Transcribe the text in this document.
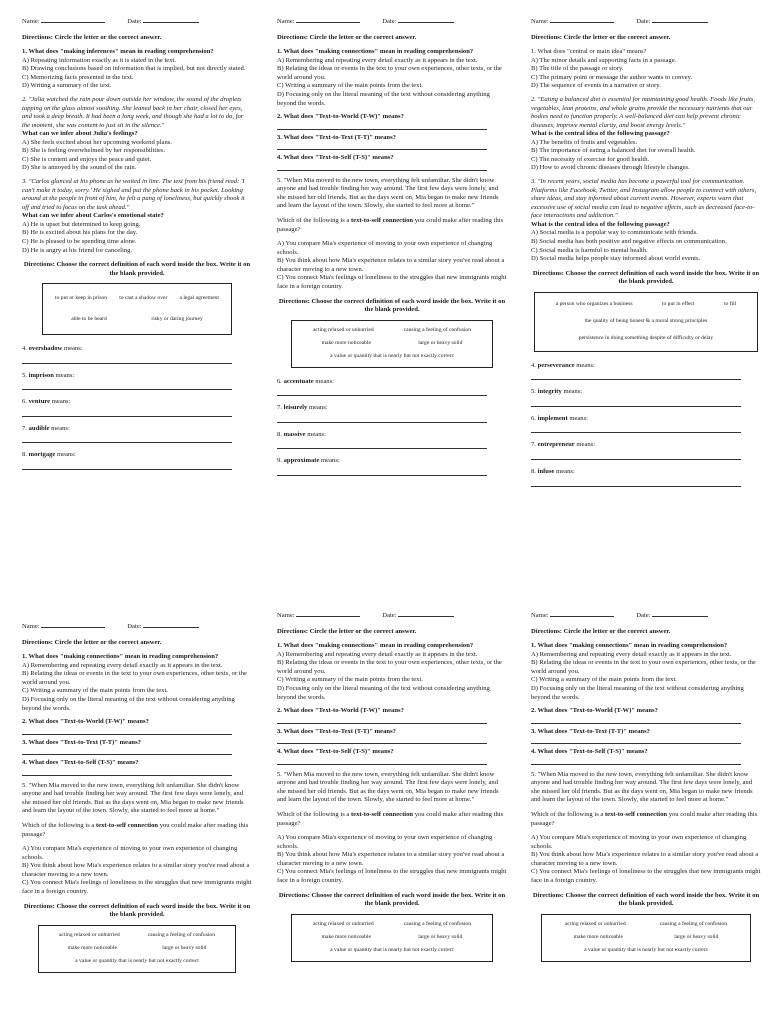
Name:	Date:
Directions: Circle the letter or the correct answer.
1. What does "making inferences" mean in reading comprehension?
A) Repeating information exactly as it is stated in the text.
B) Drawing conclusions based on information that is implied, but not directly stated.
C) Memorizing facts presented in the text.
D) Writing a summary of the text.
2. "Julia watched the rain pour down outside her window, the sound of the droplets tapping on the glass almost soothing. She leaned back in her chair, closed her eyes, and took a deep breath. It had been a long week, and though she had a lot to do, for the moment, she was content to just sit in the silence."
What can we infer about Julia's feelings?
A) She feels excited about her upcoming weekend plans.
B) She is feeling overwhelmed by her responsibilities.
C) She is content and enjoys the peace and quiet.
D) She is annoyed by the sound of the rain.
3. "Carlos glanced at his phone as he waited in line. The text from his friend read: 'I can't make it today, sorry.' He sighed and put the phone back in his pocket. Looking around at the people in front of him, he felt a pang of loneliness, but quickly shook it off and tried to focus on the task ahead."
What can we infer about Carlos's emotional state?
A) He is upset but determined to keep going.
B) He is excited about his plans for the day.
C) He is pleased to be spending time alone.
D) He is angry at his friend for canceling.
Directions: Choose the correct definition of each word inside the box. Write it on the blank provided.
to put or keep in prison	to cast a shadow over	a legal agreement
able to be heard	risky or daring journey
4. overshadow means:
5. imprison means:
6. venture means:
7. audible means:
8. mortgage means:
Name:	Date:
Directions: Circle the letter or the correct answer.
1. What does "making connections" mean in reading comprehension?
A) Remembering and repeating every detail exactly as it appears in the text.
B) Relating the ideas or events in the text to your own experiences, other texts, or the world around you.
C) Writing a summary of the main points from the text.
D) Focusing only on the literal meaning of the text without considering anything beyond the words.
2. What does "Text-to-World (T-W)" means?
3. What does "Text-to-Text (T-T)" means?
4. What does "Text-to-Self (T-S)" means?
5. "When Mia moved to the new town, everything felt unfamiliar. She didn't know anyone and had trouble finding her way around. The first few days were lonely, and she missed her old friends. But as the days went on, Mia began to make new friends and learn the layout of the town. Slowly, she started to feel more at home."
Which of the following is a text-to-self connection you could make after reading this passage?
A) You compare Mia's experience of moving to your own experience of changing schools.
B) You think about how Mia's experience relates to a similar story you've read about a character moving to a new town.
C) You connect Mia's feelings of loneliness to the struggles that new immigrants might face in a foreign country.
Directions: Choose the correct definition of each word inside the box. Write it on the blank provided.
acting relaxed or unhurried	causing a feeling of confusion
make more noticeable	large or heavy solid
a value or quantity that is nearly but not exactly correct
6. accentuate means:
7. leisurely means:
8. massive means:
9. approximate means:
Name:	Date:
Directions: Circle the letter or the correct answer.
1. What does "central or main idea" means?
A) The minor details and supporting facts in a passage.
B) The title of the passage or story.
C) The primary point or message the author wants to convey.
D) The sequence of events in a narrative or story.
2. "Eating a balanced diet is essential for maintaining good health. Foods like fruits, vegetables, lean proteins, and whole grains provide the necessary nutrients that our bodies need to function properly. A well-balanced diet can help prevent chronic diseases, improve mental clarity, and boost energy levels."
What is the central idea of the following passage?
A) The benefits of fruits and vegetables.
B) The importance of eating a balanced diet for overall health.
C) The necessity of exercise for good health.
D) How to avoid chronic diseases through lifestyle changes.
3. "In recent years, social media has become a powerful tool for communication. Platforms like Facebook, Twitter, and Instagram allow people to connect with others, share ideas, and stay informed about current events. However, experts warn that excessive use of social media can lead to negative effects, such as decreased face-to-face interactions and addiction."
What is the central idea of the following passage?
A) Social media is a popular way to communicate with friends.
B) Social media has both positive and negative effects on communication.
C) Social media is harmful to mental health.
D) Social media helps people stay informed about world events.
Directions: Choose the correct definition of each word inside the box. Write it on the blank provided.
a person who organizes a business	to put in effect	to fill
the quality of being honest & a moral strong principles
persistence in doing something despite of difficulty or delay
4. perseverance means:
5. integrity means:
6. implement means:
7. entrepreneur means:
8. infuse means:
Name:	Date:
Directions: Circle the letter or the correct answer.
1. What does "making connections" mean in reading comprehension?
A) Remembering and repeating every detail exactly as it appears in the text.
B) Relating the ideas or events in the text to your own experiences, other texts, or the world around you.
C) Writing a summary of the main points from the text.
D) Focusing only on the literal meaning of the text without considering anything beyond the words.
2. What does "Text-to-World (T-W)" means?
3. What does "Text-to-Text (T-T)" means?
4. What does "Text-to-Self (T-S)" means?
5. "When Mia moved to the new town, everything felt unfamiliar. She didn't know anyone and had trouble finding her way around. The first few days were lonely, and she missed her old friends. But as the days went on, Mia began to make new friends and learn the layout of the town. Slowly, she started to feel more at home."
Which of the following is a text-to-self connection you could make after reading this passage?
A) You compare Mia's experience of moving to your own experience of changing schools.
B) You think about how Mia's experience relates to a similar story you've read about a character moving to a new town.
C) You connect Mia's feelings of loneliness to the struggles that new immigrants might face in a foreign country.
Directions: Choose the correct definition of each word inside the box. Write it on the blank provided.
acting relaxed or unhurried	causing a feeling of confusion
make more noticeable	large or heavy solid
a value or quantity that is nearly but not exactly correct
Name:	Date:
Directions: Circle the letter or the correct answer.
1. What does "making connections" mean in reading comprehension?
A) Remembering and repeating every detail exactly as it appears in the text.
B) Relating the ideas or events in the text to your own experiences, other texts, or the world around you.
C) Writing a summary of the main points from the text.
D) Focusing only on the literal meaning of the text without considering anything beyond the words.
2. What does "Text-to-World (T-W)" means?
3. What does "Text-to-Text (T-T)" means?
4. What does "Text-to-Self (T-S)" means?
5. "When Mia moved to the new town, everything felt unfamiliar. She didn't know anyone and had trouble finding her way around. The first few days were lonely, and she missed her old friends. But as the days went on, Mia began to make new friends and learn the layout of the town. Slowly, she started to feel more at home."
Which of the following is a text-to-self connection you could make after reading this passage?
A) You compare Mia's experience of moving to your own experience of changing schools.
B) You think about how Mia's experience relates to a similar story you've read about a character moving to a new town.
C) You connect Mia's feelings of loneliness to the struggles that new immigrants might face in a foreign country.
Directions: Choose the correct definition of each word inside the box. Write it on the blank provided.
acting relaxed or unhurried	causing a feeling of confusion
make more noticeable	large or heavy solid
a value or quantity that is nearly but not exactly correct
Name:	Date:
Directions: Circle the letter or the correct answer.
1. What does "making connections" mean in reading comprehension?
A) Remembering and repeating every detail exactly as it appears in the text.
B) Relating the ideas or events in the text to your own experiences, other texts, or the world around you.
C) Writing a summary of the main points from the text.
D) Focusing only on the literal meaning of the text without considering anything beyond the words.
2. What does "Text-to-World (T-W)" means?
3. What does "Text-to-Text (T-T)" means?
4. What does "Text-to-Self (T-S)" means?
5. "When Mia moved to the new town, everything felt unfamiliar. She didn't know anyone and had trouble finding her way around. The first few days were lonely, and she missed her old friends. But as the days went on, Mia began to make new friends and learn the layout of the town. Slowly, she started to feel more at home."
Which of the following is a text-to-self connection you could make after reading this passage?
A) You compare Mia's experience of moving to your own experience of changing schools.
B) You think about how Mia's experience relates to a similar story you've read about a character moving to a new town.
C) You connect Mia's feelings of loneliness to the struggles that new immigrants might face in a foreign country.
Directions: Choose the correct definition of each word inside the box. Write it on the blank provided.
acting relaxed or unhurried	causing a feeling of confusion
make more noticeable	large or heavy solid
a value or quantity that is nearly but not exactly correct
